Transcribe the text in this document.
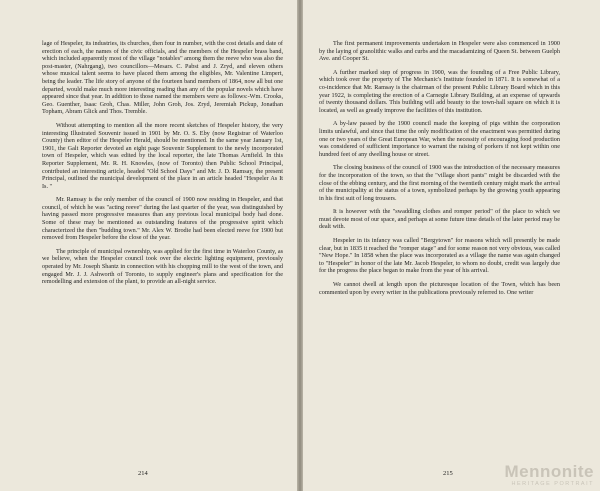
lage of Hespeler, its industries, its churches, then four in number, with the cost details and date of erection of each, the names of the civic officials, and the members of the Hespeler brass band, which included apparently most of the village "notables" among them the reeve who was also the post-master, (Nahrgang), two councillors—Mesars. C. Pabst and J. Zryd, and eleven others whose musical talent seems to have placed them among the eligibles, Mr. Valentine Limpert, being the leader. The life story of anyone of the fourteen band members of 1864, now all but one departed, would make much more interesting reading than any of the popular novels which have appeared since that year. In addition to those named the members were as follows:-Wm. Crooks, Geo. Guenther, Isaac Groh, Chas. Miller, John Groh, Jos. Zryd, Jeremiah Pickup, Jonathan Topham, Abram Glick and Thos. Tremble.

Without attempting to mention all the more recent sketches of Hespeler history, the very interesting Illustrated Souvenir issued in 1901 by Mr. O. S. Eby (now Registrar of Waterloo County) then editor of the Hespeler Herald, should be mentioned. In the same year January 1st, 1901, the Galt Reporter devoted an eight page Souvenir Supplement to the newly incorporated town of Hespeler, which was edited by the local reporter, the late Thomas Arnfield. In this Reporter Supplement, Mr. R. H. Knowles, (now of Toronto) then Public School Principal, contributed an interesting article, headed "Old School Days" and Mr. J. D. Ramsay, the present Principal, outlined the municipal development of the place in an article headed "Hespeler As It Is. "

Mr. Ramsay is the only member of the council of 1900 now residing in Hespeler, and that council, of which he was "acting reeve" during the last quarter of the year, was distinguished by having passed more progressive measures than any previous local municipal body had done. Some of these may be mentioned as outstanding features of the progressive spirit which characterized the then "budding town." Mr. Alex W. Brodie had been elected reeve for 1900 but removed from Hespeler before the close of the year.

The principle of municipal ownership, was applied for the first time in Waterloo County, as we believe, when the Hespeler council took over the electric lighting equipment, previously operated by Mr. Joseph Shantz in connection with his chopping mill to the west of the town, and engaged Mr. J. J. Ashworth of Toronto, to supply engineer's plans and specification for the remodelling and extension of the plant, to provide an all-night service.

214

The first permanent improvements undertaken in Hespeler were also commenced in 1900 by the laying of granolithic walks and curbs and the macadamizing of Queen St. between Guelph Ave. and Cooper St.

A further marked step of progress in 1900, was the founding of a Free Public Library, which took over the property of The Mechanic's Institute founded in 1871. It is somewhat of a co-incidence that Mr. Ramsay is the chairman of the present Public Library Board which in this year 1922, is completing the erection of a Carnegie Library Building, at an expense of upwards of twenty thousand dollars. This building will add beauty to the town-hall square on which it is located, as well as greatly improve the facilities of this institution.

A by-law passed by the 1900 council made the keeping of pigs within the corporation limits unlawful, and since that time the only modification of the enactment was permitted during one or two years of the Great European War, when the necessity of encouraging food production was considered of sufficient importance to warrant the raising of porkers if not kept within one hundred feet of any dwelling house or street.

The closing business of the council of 1900 was the introduction of the necessary measures for the incorporation of the town, so that the "village short pants" might be discarded with the close of the ebbing century, and the first morning of the twentieth century might mark the arrival of the municipality at the status of a town, symbolized perhaps by the growing youth appearing in his first suit of long trousers.

It is however with the "swaddling clothes and romper period" of the place to which we must devote most of our space, and perhaps at some future time details of the later period may be dealt with.

Hespeler in its infancy was called "Bergytown" for reasons which will presently be made clear, but in 1835 it reached the "romper stage" and for some reason not very obvious, was called "New Hope." In 1858 when the place was incorporated as a village the name was again changed to "Hespeler" in honor of the late Mr. Jacob Hespeler, to whom no doubt, credit was largely due for the progress the place began to make from the year of his arrival.

We cannot dwell at length upon the picturesque location of the Town, which has been commented upon by every writer in the publications previously referred to. One writer

215	Mennonite
HERITAGE PORTRAIT
